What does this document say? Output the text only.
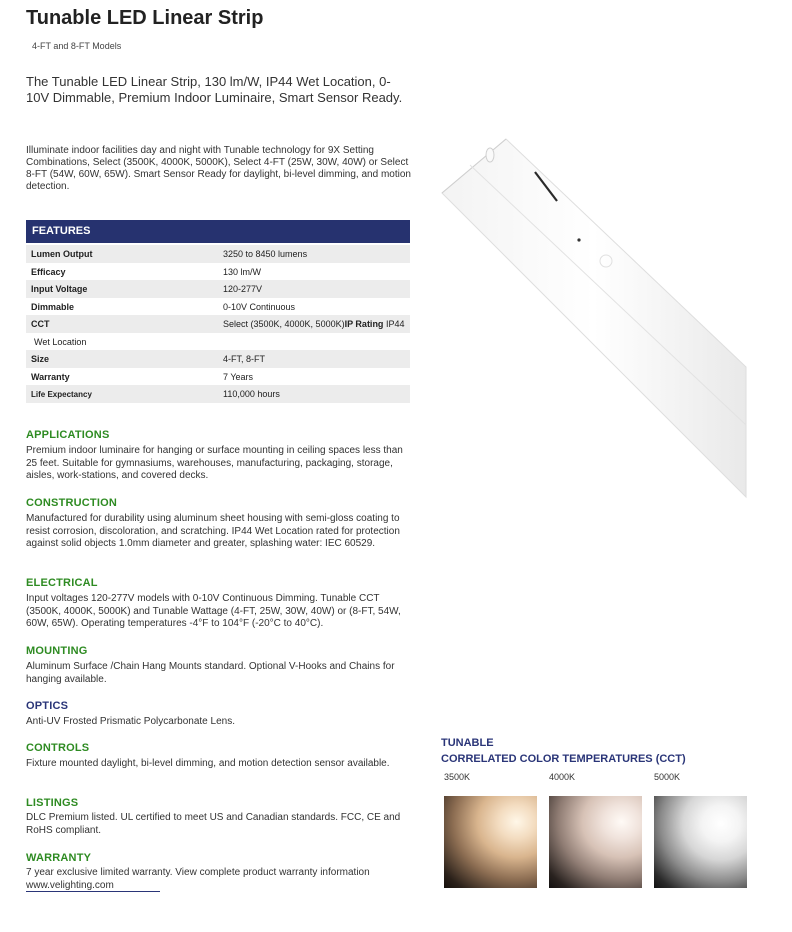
Tunable LED Linear Strip
4-FT and 8-FT Models
The Tunable LED Linear Strip, 130 lm/W, IP44 Wet Location, 0-10V Dimmable, Premium Indoor Luminaire, Smart Sensor Ready.
Illuminate indoor facilities day and night with Tunable technology for 9X Setting Combinations, Select (3500K, 4000K, 5000K), Select 4-FT (25W, 30W, 40W) or Select 8-FT (54W, 60W, 65W). Smart Sensor Ready for daylight, bi-level dimming, and motion detection.
FEATURES
Lumen Output	3250 to 8450 lumens
Efficacy	130 lm/W
Input Voltage	120-277V
Dimmable	0-10V Continuous
CCT	Select (3500K, 4000K, 5000K)IP Rating IP44
Wet Location
Size	4-FT, 8-FT
Warranty	7 Years
Life Expectancy	110,000 hours
APPLICATIONS
Premium indoor luminaire for hanging or surface mounting in ceiling spaces less than 25 feet. Suitable for gymnasiums, warehouses, manufacturing, packaging, storage, aisles, work-stations, and covered decks.
CONSTRUCTION
Manufactured for durability using aluminum sheet housing with semi-gloss coating to resist corrosion, discoloration, and scratching. IP44 Wet Location rated for protection against solid objects 1.0mm diameter and greater, splashing water: IEC 60529.
ELECTRICAL
Input voltages 120-277V models with 0-10V Continuous Dimming. Tunable CCT (3500K, 4000K, 5000K) and Tunable Wattage (4-FT, 25W, 30W, 40W) or (8-FT, 54W, 60W, 65W). Operating temperatures -4°F to 104°F (-20°C to 40°C).
MOUNTING
Aluminum Surface /Chain Hang Mounts standard. Optional V-Hooks and Chains for hanging available.
OPTICS
Anti-UV Frosted Prismatic Polycarbonate Lens.
CONTROLS
Fixture mounted daylight, bi-level dimming, and motion detection sensor available.
LISTINGS
DLC Premium listed. UL certified to meet US and Canadian standards. FCC, CE and RoHS compliant.
WARRANTY
7 year exclusive limited warranty. View complete product warranty information
www.velighting.com
TUNABLE
CORRELATED COLOR TEMPERATURES (CCT)
3500K	4000K	5000K
